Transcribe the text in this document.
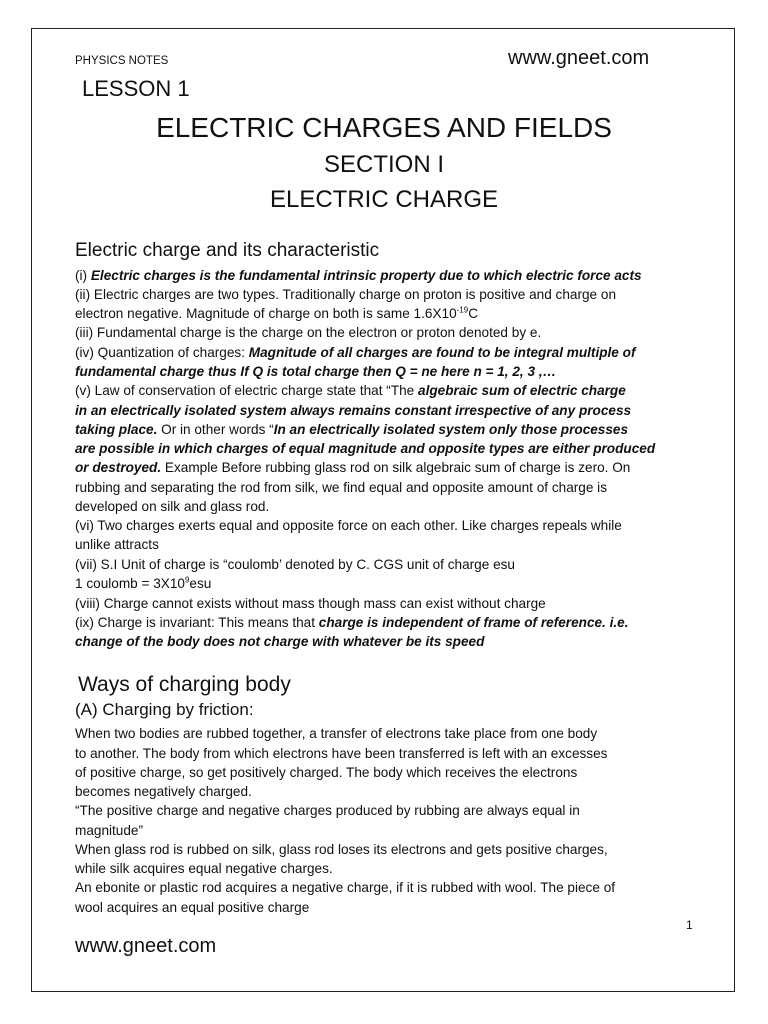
PHYSICS NOTES	www.gneet.com
LESSON 1
ELECTRIC CHARGES AND FIELDS
SECTION I
ELECTRIC CHARGE
Electric charge and its characteristic
(i) Electric charges is the fundamental intrinsic property due to which electric force acts
(ii) Electric charges are two types. Traditionally charge on proton is positive and charge on
electron negative. Magnitude of charge on both is same $1.6X10^{-19}C$
(iii) Fundamental charge is the charge on the electron or proton denoted by e.
(iv) Quantization of charges: Magnitude of all charges are found to be integral multiple of
fundamental charge thus If Q is total charge then Q = ne here n = 1, 2, 3 ,…
(v) Law of conservation of electric charge state that “The algebraic sum of electric charge
in an electrically isolated system always remains constant irrespective of any process
taking place. Or in other words “In an electrically isolated system only those processes
are possible in which charges of equal magnitude and opposite types are either produced
or destroyed. Example Before rubbing glass rod on silk algebraic sum of charge is zero. On
rubbing and separating the rod from silk, we find equal and opposite amount of charge is
developed on silk and glass rod.
(vi) Two charges exerts equal and opposite force on each other. Like charges repeals while
unlike attracts
(vii) S.I Unit of charge is “coulomb’ denoted by C. CGS unit of charge esu
1 coulomb = $3X10^9esu$
(viii) Charge cannot exists without mass though mass can exist without charge
(ix) Charge is invariant: This means that charge is independent of frame of reference. i.e.
change of the body does not charge with whatever be its speed
Ways of charging body
(A) Charging by friction:
When two bodies are rubbed together, a transfer of electrons take place from one body
to another. The body from which electrons have been transferred is left with an excesses
of positive charge, so get positively charged. The body which receives the electrons
becomes negatively charged.
“The positive charge and negative charges produced by rubbing are always equal in
magnitude”
When glass rod is rubbed on silk, glass rod loses its electrons and gets positive charges,
while silk acquires equal negative charges.
An ebonite or plastic rod acquires a negative charge, if it is rubbed with wool. The piece of
wool acquires an equal positive charge
1
www.gneet.com
